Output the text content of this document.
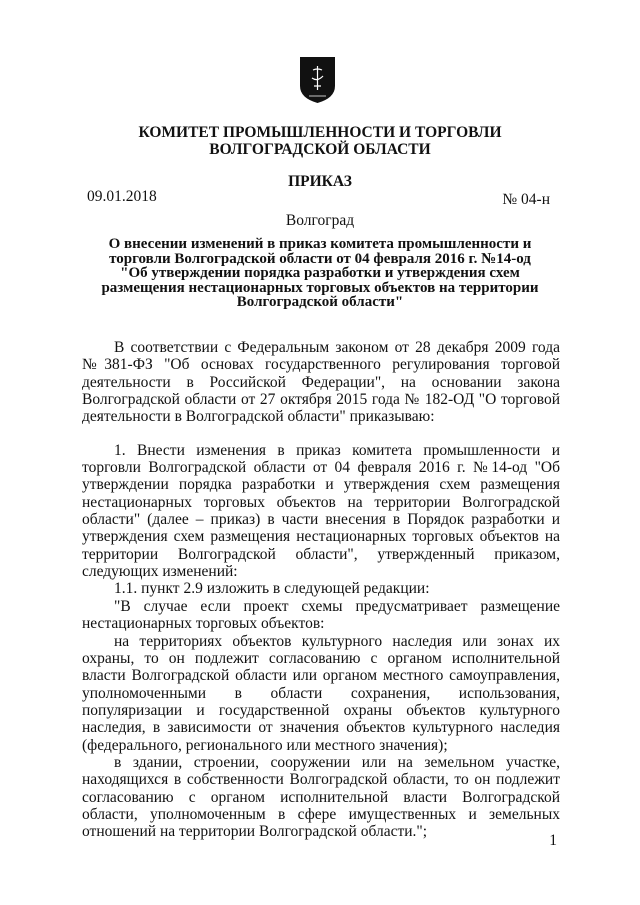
КОМИТЕТ ПРОМЫШЛЕННОСТИ И ТОРГОВЛИ
ВОЛГОГРАДСКОЙ ОБЛАСТИ
ПРИКАЗ
09.01.2018	№ 04-н
Волгоград
О внесении изменений в приказ комитета промышленности и
торговли Волгоградской области от 04 февраля 2016 г. №14-од
"Об утверждении порядка разработки и утверждения схем
размещения нестационарных торговых объектов на территории
Волгоградской области"

В соответствии с Федеральным законом от 28 декабря 2009 года №381-ФЗ "Об основах государственного регулирования торговой деятельности в Российской Федерации", на основании закона Волгоградской области от 27 октября 2015 года № 182-ОД "О торговой деятельности в Волгоградской области" приказываю:

1. Внести изменения в приказ комитета промышленности и торговли Волгоградской области от 04 февраля 2016 г. №14-од "Об утверждении порядка разработки и утверждения схем размещения нестационарных торговых объектов на территории Волгоградской области" (далее – приказ) в части внесения в Порядок разработки и утверждения схем размещения нестационарных торговых объектов на территории Волгоградской области", утвержденный приказом, следующих изменений:

1.1. пункт 2.9 изложить в следующей редакции:

"В случае если проект схемы предусматривает размещение нестационарных торговых объектов:

на территориях объектов культурного наследия или зонах их охраны, то он подлежит согласованию с органом исполнительной власти Волгоградской области или органом местного самоуправления, уполномоченными в области сохранения, использования, популяризации и государственной охраны объектов культурного наследия, в зависимости от значения объектов культурного наследия (федерального, регионального или местного значения);

в здании, строении, сооружении или на земельном участке, находящихся в собственности Волгоградской области, то он подлежит согласованию с органом исполнительной власти Волгоградской области, уполномоченным в сфере имущественных и земельных отношений на территории Волгоградской области.";

1
